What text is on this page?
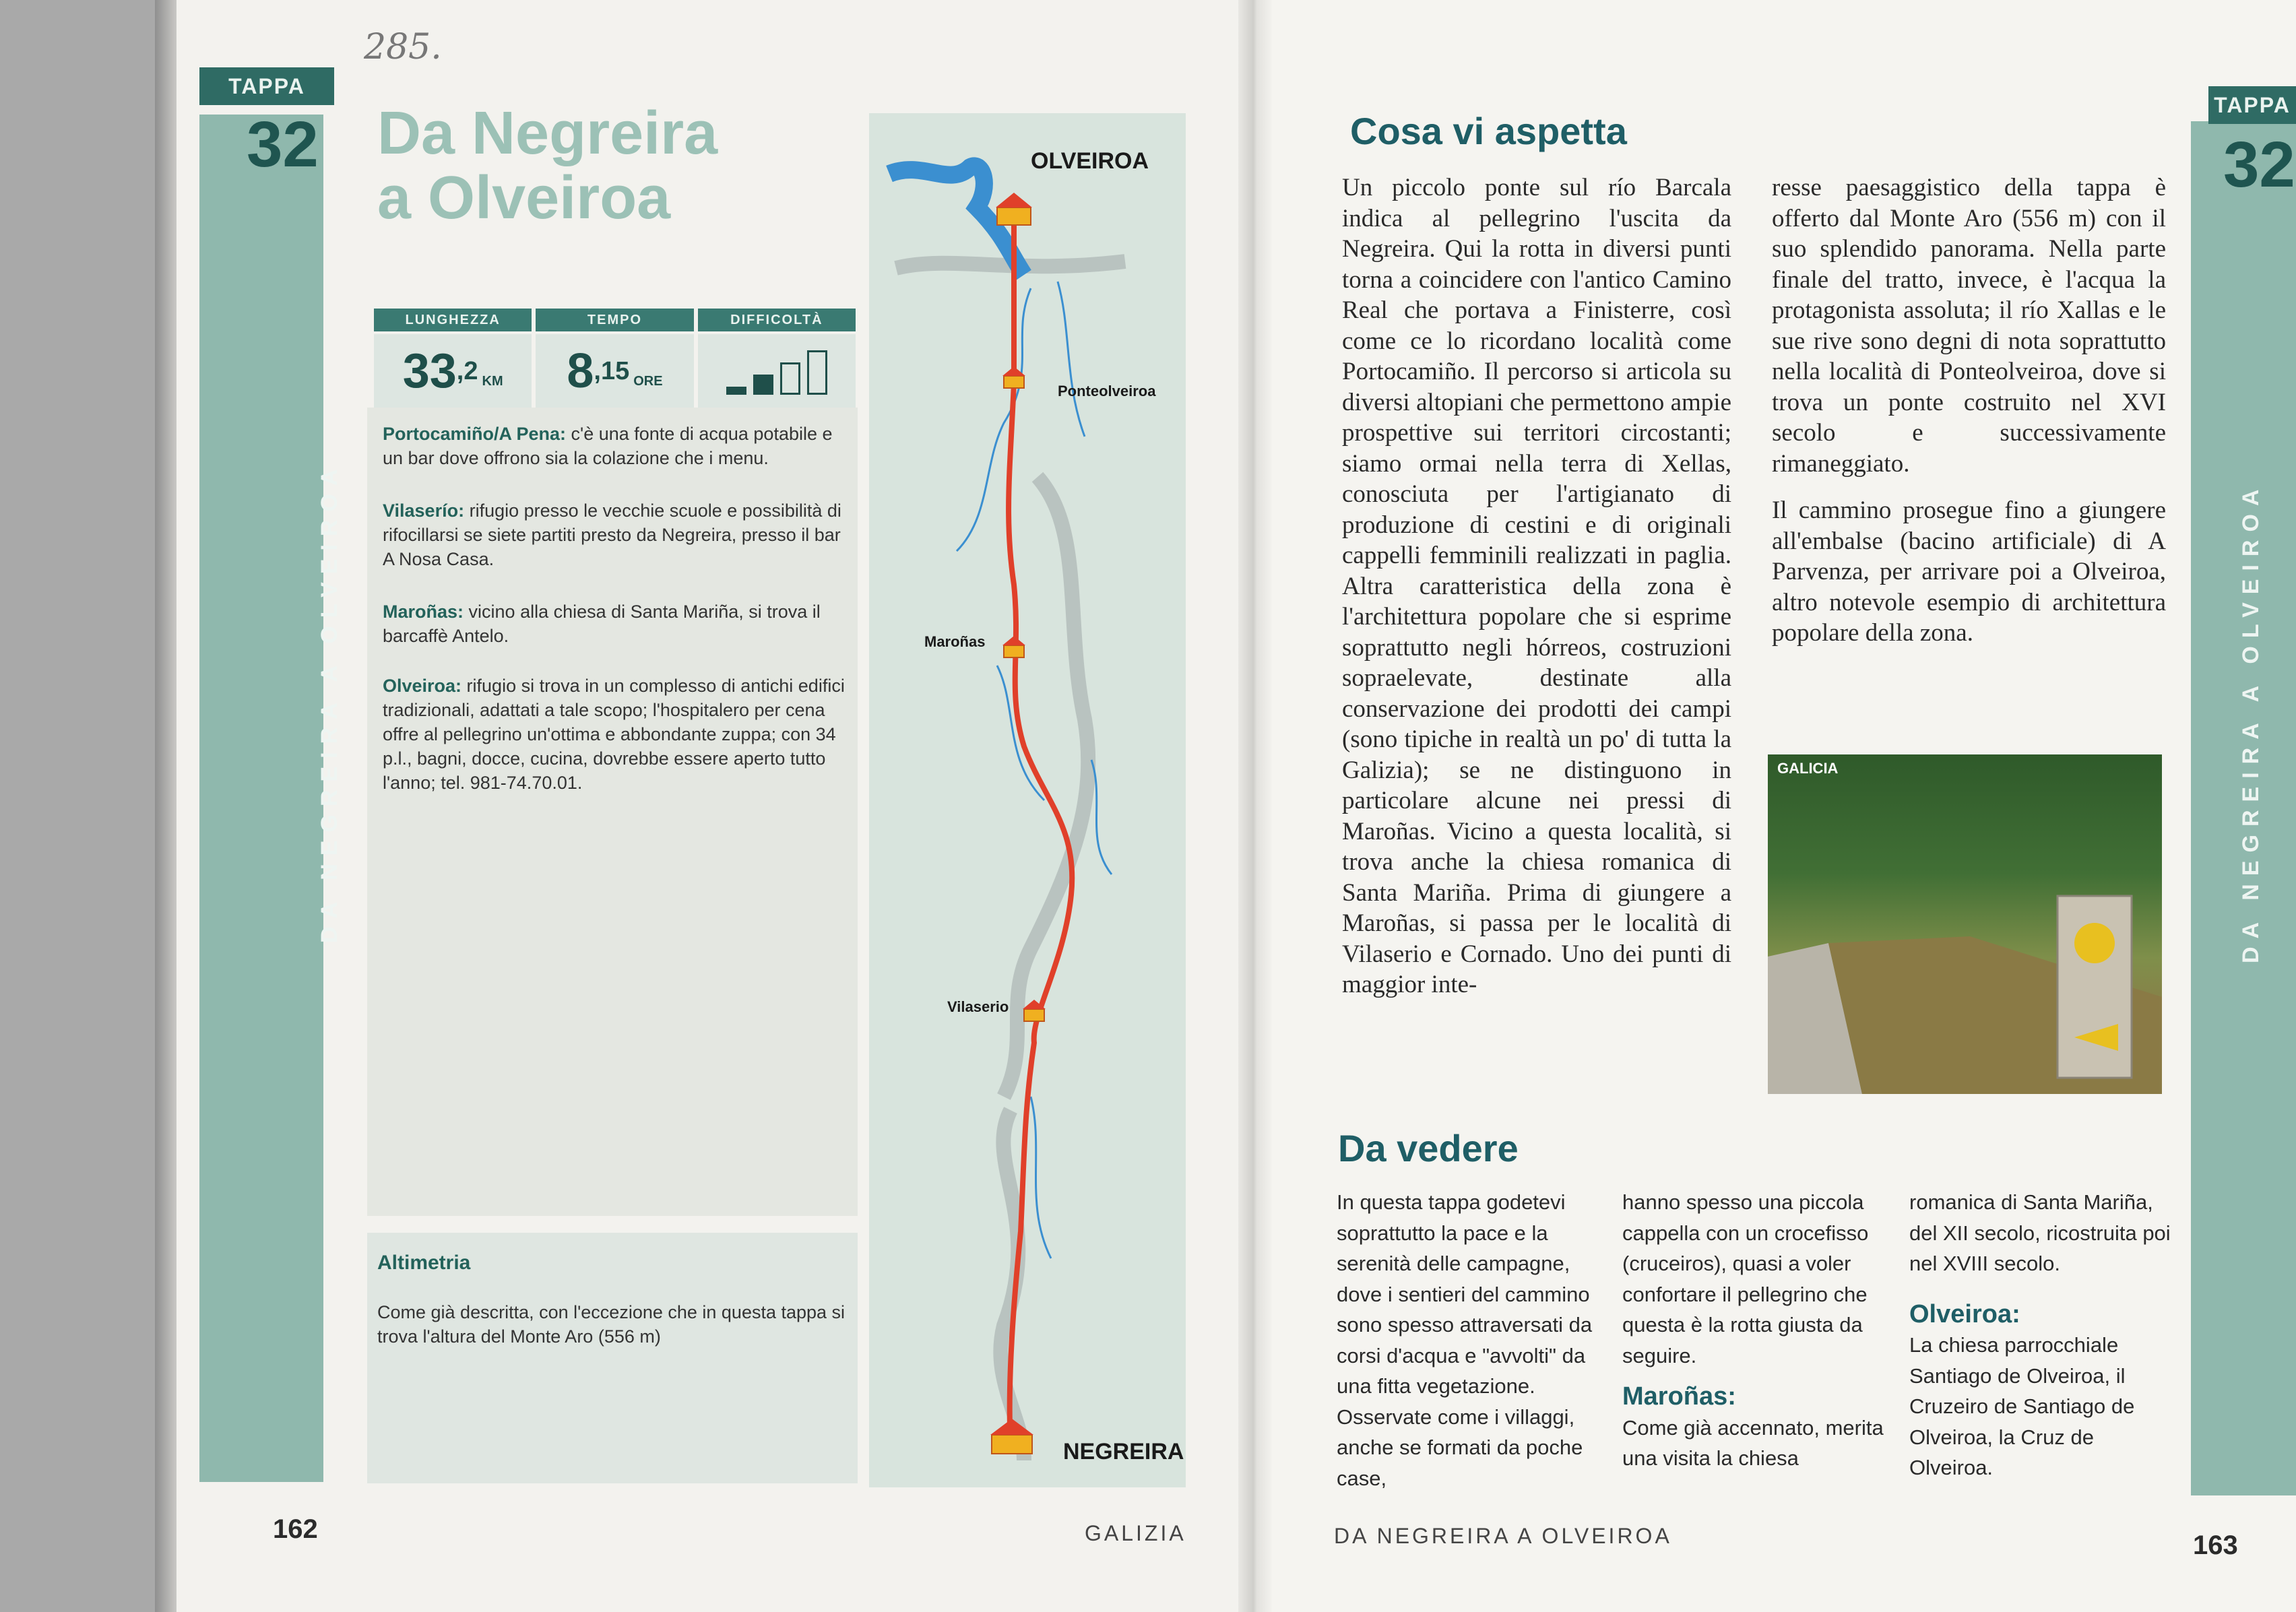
285.
TAPPA
32
DA NEGREIRA A OLVEIROA
Da Negreira
a Olveiroa
LUNGHEZZA	TEMPO	DIFFICOLTÀ
33 ,2 KM 8 ,15 ORE
Portocamiño/A Pena: c'è una fonte di acqua potabile e un bar dove offrono sia la colazione che i menu.
Vilaserío: rifugio presso le vecchie scuole e possibilità di rifocillarsi se siete partiti presto da Negreira, presso il bar A Nosa Casa.
Maroñas: vicino alla chiesa di Santa Mariña, si trova il barcaffè Antelo.
Olveiroa: rifugio si trova in un complesso di antichi edifici tradizionali, adattati a tale scopo; l'hospitalero per cena offre al pellegrino un'ottima e abbondante zuppa; con 34 p.l., bagni, docce, cucina, dovrebbe essere aperto tutto l'anno; tel. 981-74.70.01.
Altimetria
Come già descritta, con l'eccezione che in questa tappa si trova l'altura del Monte Aro (556 m)
OLVEIROA
Ponteolveiroa
Maroñas
Vilaserio
NEGREIRA
162	GALIZIA
TAPPA
32
DA NEGREIRA A OLVEIROA
Cosa vi aspetta

Un piccolo ponte sul río Barcala indica al pellegrino l'uscita da Negreira. Qui la rotta in diversi punti torna a coincidere con l'antico Camino Real che portava a Finisterre, così come ce lo ricordano località come Portocamiño. Il percorso si articola su diversi altopiani che permettono ampie prospettive sui territori circostanti; siamo ormai nella terra di Xellas, conosciuta per l'artigianato di produzione di cestini e di originali cappelli femminili realizzati in paglia. Altra caratteristica della zona è l'architettura popolare che si esprime soprattutto negli hórreos, costruzioni sopraelevate, destinate alla conservazione dei prodotti dei campi (sono tipiche in realtà un po' di tutta la Galizia); se ne distinguono in particolare alcune nei pressi di Maroñas. Vicino a questa località, si trova anche la chiesa romanica di Santa Mariña. Prima di giungere a Maroñas, si passa per le località di Vilaserio e Cornado. Uno dei punti di maggior inte-

resse paesaggistico della tappa è offerto dal Monte Aro (556 m) con il suo splendido panorama. Nella parte finale del tratto, invece, è l'acqua la protagonista assoluta; il río Xallas e le sue rive sono degni di nota soprattutto nella località di Ponteolveiroa, dove si trova un ponte costruito nel XVI secolo e successivamente rimaneggiato.

Il cammino prosegue fino a giungere all'embalse (bacino artificiale) di A Parvenza, per arrivare poi a Olveiroa, altro notevole esempio di architettura popolare della zona.

GALICIA
Da vedere
In questa tappa godetevi soprattutto la pace e la serenità delle campagne, dove i sentieri del cammino sono spesso attraversati da corsi d'acqua e "avvolti" da una fitta vegetazione. Osservate come i villaggi, anche se formati da poche case,
hanno spesso una piccola cappella con un crocefisso (cruceiros), quasi a voler confortare il pellegrino che questa è la rotta giusta da seguire.
Maroñas:
Come già accennato, merita una visita la chiesa
romanica di Santa Mariña, del XII secolo, ricostruita poi nel XVIII secolo.
Olveiroa:
La chiesa parrocchiale Santiago de Olveiroa, il Cruzeiro de Santiago de Olveiroa, la Cruz de Olveiroa.
DA NEGREIRA A OLVEIROA	163
